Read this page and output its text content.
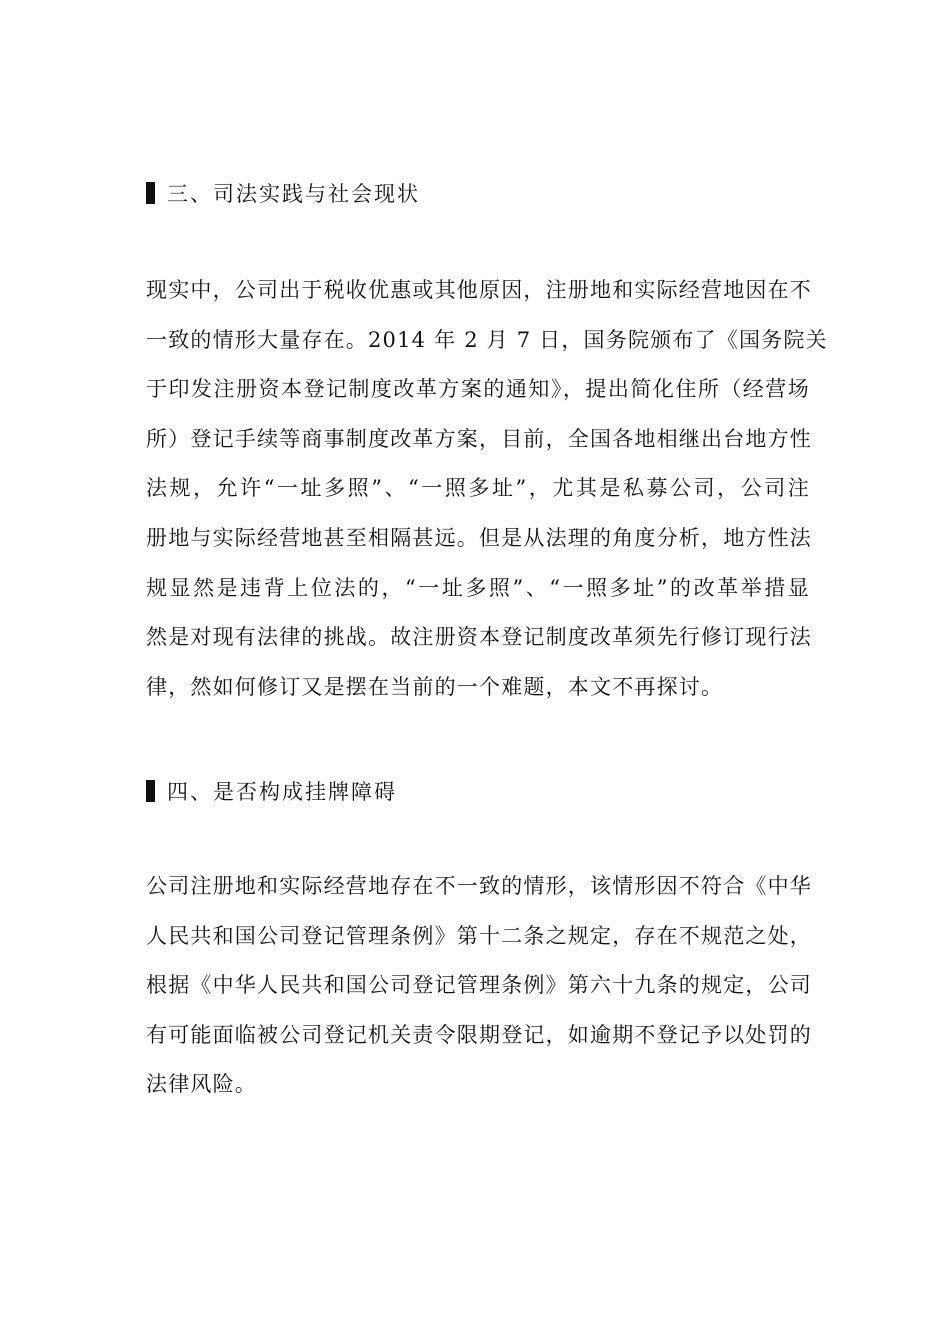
三、司法实践与社会现状
现实中，公司出于税收优惠或其他原因，注册地和实际经营地因在不
一致的情形大量存在。2014 年 2 月 7 日，国务院颁布了《国务院关
于印发注册资本登记制度改革方案的通知》，提出简化住所（经营场
所）登记手续等商事制度改革方案，目前，全国各地相继出台地方性
法规，允许“一址多照”、“一照多址”，尤其是私募公司，公司注
册地与实际经营地甚至相隔甚远。但是从法理的角度分析，地方性法
规显然是违背上位法的，“一址多照”、“一照多址”的改革举措显
然是对现有法律的挑战。故注册资本登记制度改革须先行修订现行法
律，然如何修订又是摆在当前的一个难题，本文不再探讨。
四、是否构成挂牌障碍
公司注册地和实际经营地存在不一致的情形，该情形因不符合《中华
人民共和国公司登记管理条例》第十二条之规定，存在不规范之处，
根据《中华人民共和国公司登记管理条例》第六十九条的规定，公司
有可能面临被公司登记机关责令限期登记，如逾期不登记予以处罚的
法律风险。
